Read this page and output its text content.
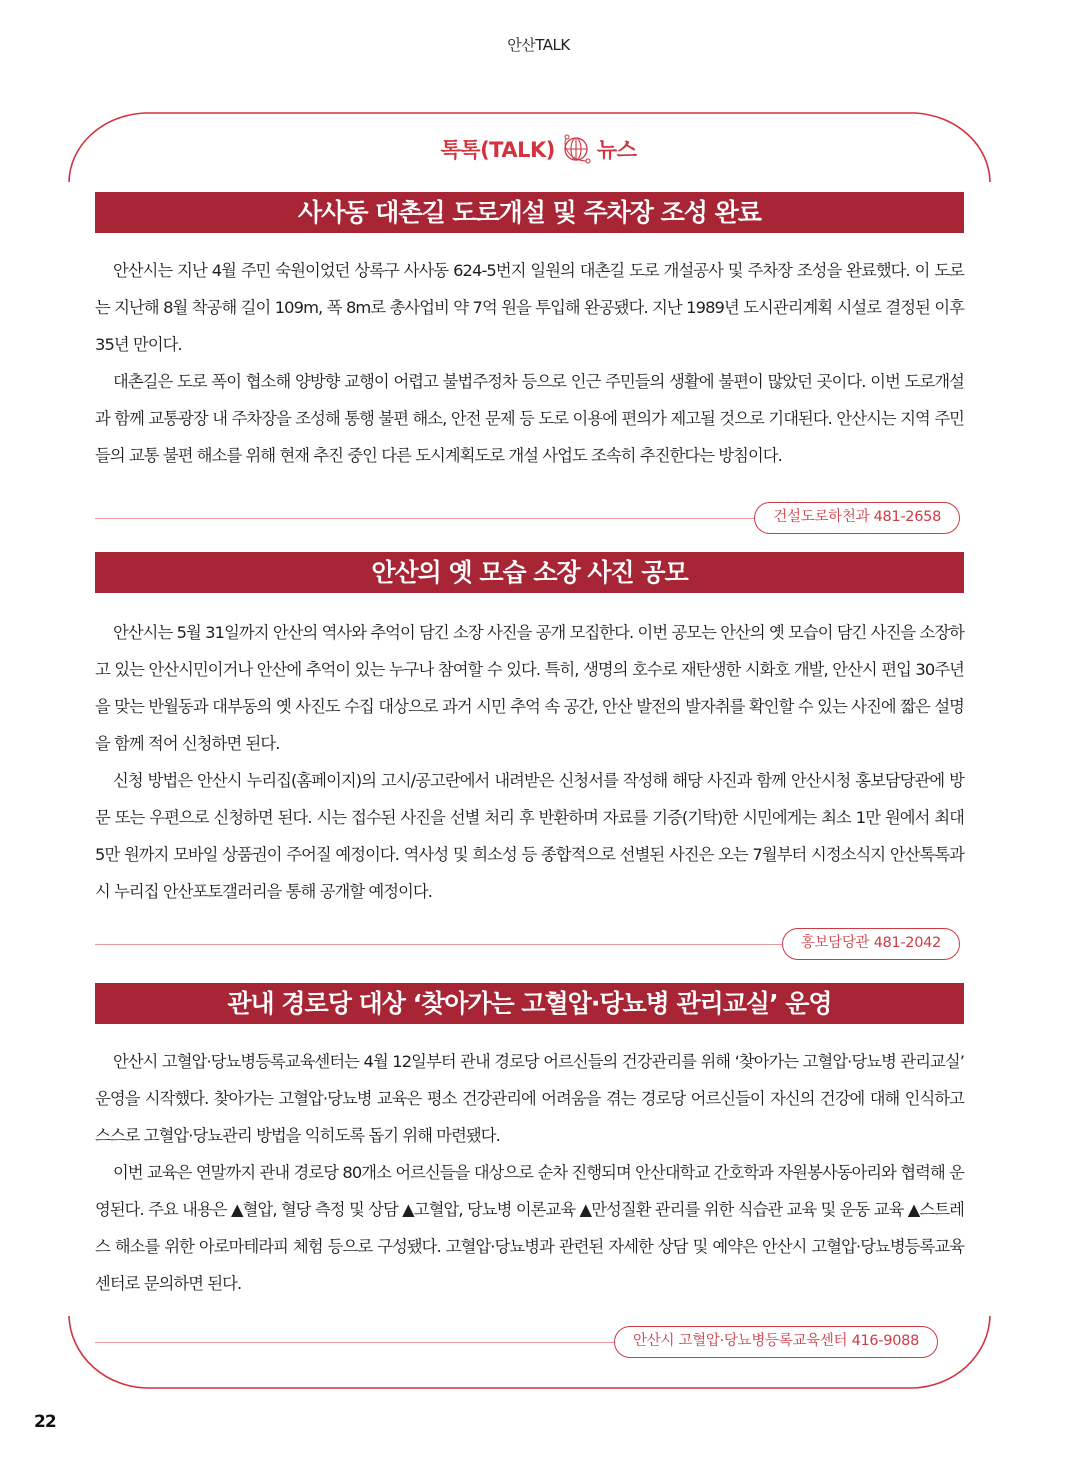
안산TALK
톡톡(TALK) 뉴스
사사동 대촌길 도로개설 및 주차장 조성 완료

안산시는 지난 4월 주민 숙원이었던 상록구 사사동 624-5번지 일원의 대촌길 도로 개설공사 및 주차장 조성을 완료했다. 이 도로는 지난해 8월 착공해 길이 109m, 폭 8m로 총사업비 약 7억 원을 투입해 완공됐다. 지난 1989년 도시관리계획 시설로 결정된 이후 35년 만이다.

대촌길은 도로 폭이 협소해 양방향 교행이 어렵고 불법주정차 등으로 인근 주민들의 생활에 불편이 많았던 곳이다. 이번 도로개설과 함께 교통광장 내 주차장을 조성해 통행 불편 해소, 안전 문제 등 도로 이용에 편의가 제고될 것으로 기대된다. 안산시는 지역 주민들의 교통 불편 해소를 위해 현재 추진 중인 다른 도시계획도로 개설 사업도 조속히 추진한다는 방침이다.

건설도로하천과 481-2658
안산의 옛 모습 소장 사진 공모

안산시는 5월 31일까지 안산의 역사와 추억이 담긴 소장 사진을 공개 모집한다. 이번 공모는 안산의 옛 모습이 담긴 사진을 소장하고 있는 안산시민이거나 안산에 추억이 있는 누구나 참여할 수 있다. 특히, 생명의 호수로 재탄생한 시화호 개발, 안산시 편입 30주년을 맞는 반월동과 대부동의 옛 사진도 수집 대상으로 과거 시민 추억 속 공간, 안산 발전의 발자취를 확인할 수 있는 사진에 짧은 설명을 함께 적어 신청하면 된다.

신청 방법은 안산시 누리집(홈페이지)의 고시/공고란에서 내려받은 신청서를 작성해 해당 사진과 함께 안산시청 홍보담당관에 방문 또는 우편으로 신청하면 된다. 시는 접수된 사진을 선별 처리 후 반환하며 자료를 기증(기탁)한 시민에게는 최소 1만 원에서 최대 5만 원까지 모바일 상품권이 주어질 예정이다. 역사성 및 희소성 등 종합적으로 선별된 사진은 오는 7월부터 시정소식지 안산톡톡과 시 누리집 안산포토갤러리을 통해 공개할 예정이다.

홍보담당관 481-2042
관내 경로당 대상 ‘찾아가는 고혈압·당뇨병 관리교실’ 운영

안산시 고혈압·당뇨병등록교육센터는 4월 12일부터 관내 경로당 어르신들의 건강관리를 위해 ‘찾아가는 고혈압·당뇨병 관리교실’ 운영을 시작했다. 찾아가는 고혈압·당뇨병 교육은 평소 건강관리에 어려움을 겪는 경로당 어르신들이 자신의 건강에 대해 인식하고 스스로 고혈압·당뇨관리 방법을 익히도록 돕기 위해 마련됐다.

이번 교육은 연말까지 관내 경로당 80개소 어르신들을 대상으로 순차 진행되며 안산대학교 간호학과 자원봉사동아리와 협력해 운영된다. 주요 내용은 ▲혈압, 혈당 측정 및 상담 ▲고혈압, 당뇨병 이론교육 ▲만성질환 관리를 위한 식습관 교육 및 운동 교육 ▲스트레스 해소를 위한 아로마테라피 체험 등으로 구성됐다. 고혈압·당뇨병과 관련된 자세한 상담 및 예약은 안산시 고혈압·당뇨병등록교육센터로 문의하면 된다.

안산시 고혈압·당뇨병등록교육센터 416-9088
22
